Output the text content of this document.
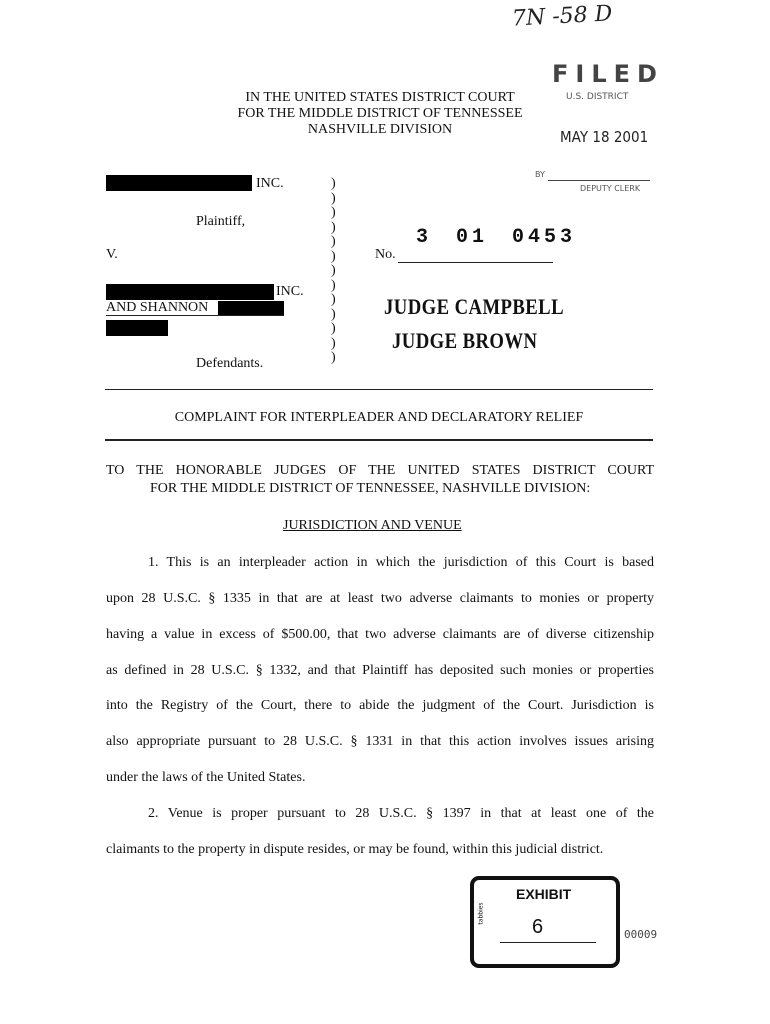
7N -58 D
IN THE UNITED STATES DISTRICT COURT
FOR THE MIDDLE DISTRICT OF TENNESSEE
NASHVILLE DIVISION
FILED
U.S. DISTRICT
MAY 18 2001
BY
DEPUTY CLERK
INC.
Plaintiff,
V.
INC.
AND SHANNON
Defendants.
)
)
)
)
)
)
)
)
)
)
)
)
)
3 01 0453
No.
JUDGE CAMPBELL
JUDGE BROWN
COMPLAINT FOR INTERPLEADER AND DECLARATORY RELIEF
TO THE HONORABLE JUDGES OF THE UNITED STATES DISTRICT COURT
FOR THE MIDDLE DISTRICT OF TENNESSEE, NASHVILLE DIVISION:
JURISDICTION AND VENUE
1. This is an interpleader action in which the jurisdiction of this Court is based
upon 28 U.S.C. § 1335 in that are at least two adverse claimants to monies or property
having a value in excess of $500.00, that two adverse claimants are of diverse citizenship
as defined in 28 U.S.C. § 1332, and that Plaintiff has deposited such monies or properties
into the Registry of the Court, there to abide the judgment of the Court. Jurisdiction is
also appropriate pursuant to 28 U.S.C. § 1331 in that this action involves issues arising
under the laws of the United States.
2. Venue is proper pursuant to 28 U.S.C. § 1397 in that at least one of the
claimants to the property in dispute resides, or may be found, within this judicial district.
EXHIBIT
tabbies
6	00009
